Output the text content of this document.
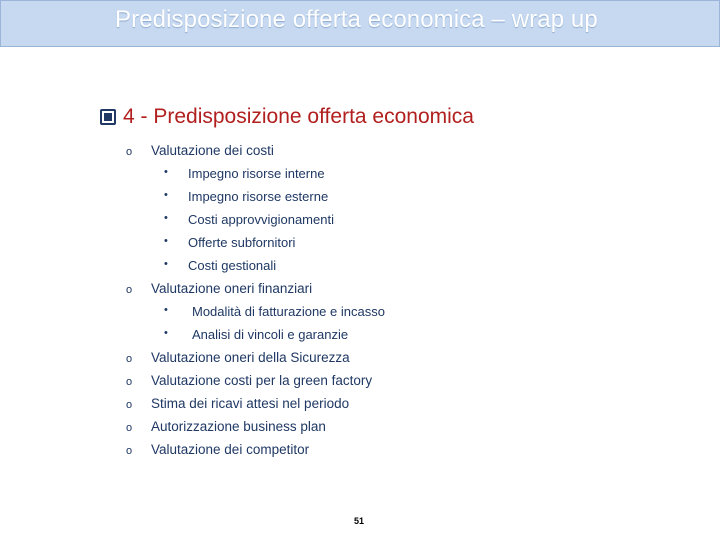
Predisposizione offerta economica – wrap up
4 - Predisposizione offerta economica
o Valutazione dei costi
• Impegno risorse interne
• Impegno risorse esterne
• Costi approvvigionamenti
• Offerte subfornitori
• Costi gestionali
o Valutazione oneri finanziari
• Modalità di fatturazione e incasso
• Analisi di vincoli e garanzie
o Valutazione oneri della Sicurezza
o Valutazione costi per la green factory
o Stima dei ricavi attesi nel periodo
o Autorizzazione business plan
o Valutazione dei competitor
51
